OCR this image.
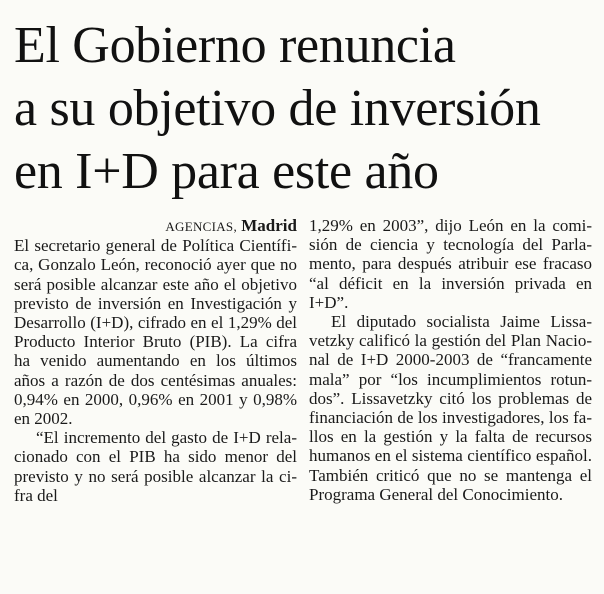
El Gobierno renuncia
a su objetivo de inversión
en I+D para este año

AGENCIAS, Madrid

El secretario general de Política Científica, Gonzalo León, reconoció ayer que no será posible alcanzar este año el objetivo previsto de inversión en Investigación y Desarrollo (I+D), cifrado en el 1,29% del Producto Interior Bruto (PIB). La cifra ha venido aumentando en los últimos años a razón de dos centésimas anuales: 0,94% en 2000, 0,96% en 2001 y 0,98% en 2002.

“El incremento del gasto de I+D relacionado con el PIB ha sido menor del previsto y no será posible alcanzar la cifra del

1,29% en 2003”, dijo León en la comisión de ciencia y tecnología del Parlamento, para después atribuir ese fracaso “al déficit en la inversión privada en I+D”.

El diputado socialista Jaime Lissavetzky calificó la gestión del Plan Nacional de I+D 2000-2003 de “francamente mala” por “los incumplimientos rotundos”. Lissavetzky citó los problemas de financiación de los investigadores, los fallos en la gestión y la falta de recursos humanos en el sistema científico español. También criticó que no se mantenga el Programa General del Conocimiento.
